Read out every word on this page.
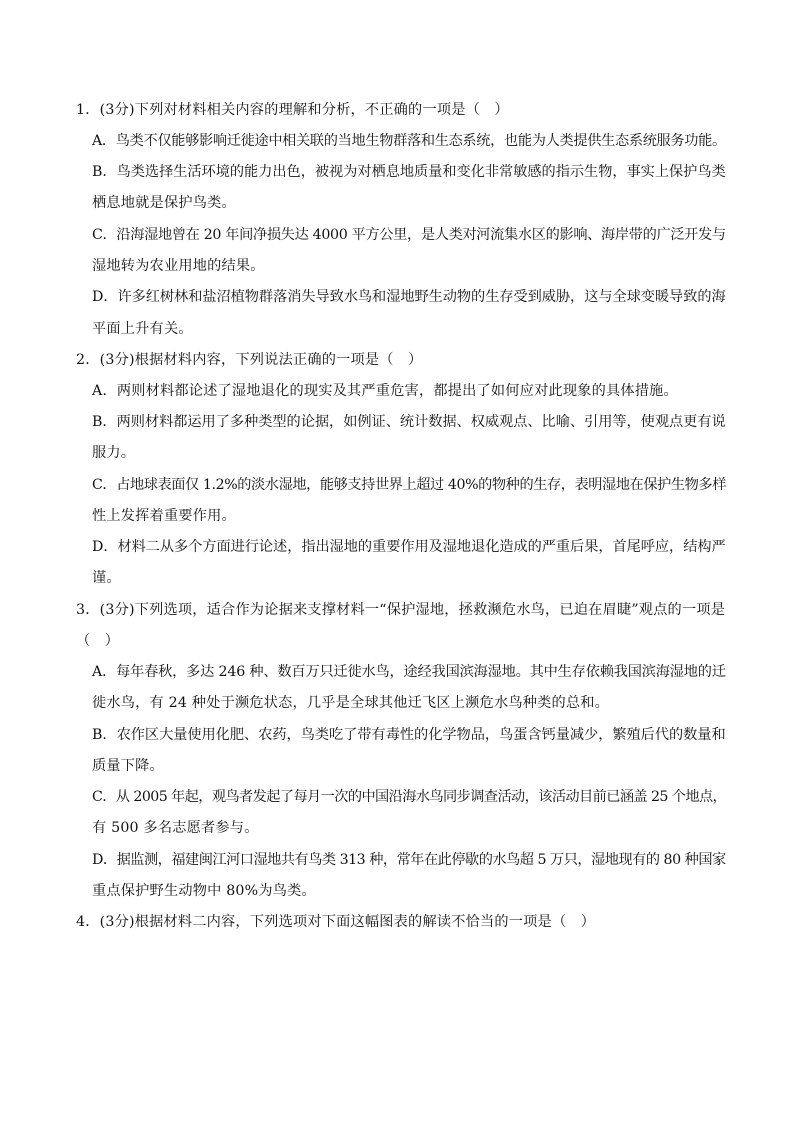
1．(3分)下列对材料相关内容的理解和分析，不正确的一项是（　）
A．鸟类不仅能够影响迁徙途中相关联的当地生物群落和生态系统，也能为人类提供生态系统服务功能。
B．鸟类选择生活环境的能力出色，被视为对栖息地质量和变化非常敏感的指示生物，事实上保护鸟类
栖息地就是保护鸟类。
C．沿海湿地曾在 20 年间净损失达 4000 平方公里，是人类对河流集水区的影响、海岸带的广泛开发与
湿地转为农业用地的结果。
D．许多红树林和盐沼植物群落消失导致水鸟和湿地野生动物的生存受到威胁，这与全球变暖导致的海
平面上升有关。
2．(3分)根据材料内容，下列说法正确的一项是（　）
A．两则材料都论述了湿地退化的现实及其严重危害，都提出了如何应对此现象的具体措施。
B．两则材料都运用了多种类型的论据，如例证、统计数据、权威观点、比喻、引用等，使观点更有说
服力。
C．占地球表面仅 1.2%的淡水湿地，能够支持世界上超过 40%的物种的生存，表明湿地在保护生物多样
性上发挥着重要作用。
D．材料二从多个方面进行论述，指出湿地的重要作用及湿地退化造成的严重后果，首尾呼应，结构严
谨。
3．(3分)下列选项，适合作为论据来支撑材料一“保护湿地，拯救濒危水鸟，已迫在眉睫”观点的一项是
（　）
A．每年春秋，多达 246 种、数百万只迁徙水鸟，途经我国滨海湿地。其中生存依赖我国滨海湿地的迁
徙水鸟，有 24 种处于濒危状态，几乎是全球其他迁飞区上濒危水鸟种类的总和。
B．农作区大量使用化肥、农药，鸟类吃了带有毒性的化学物品，鸟蛋含钙量减少，繁殖后代的数量和
质量下降。
C．从 2005 年起，观鸟者发起了每月一次的中国沿海水鸟同步调查活动，该活动目前已涵盖 25 个地点，
有 500 多名志愿者参与。
D．据监测，福建闽江河口湿地共有鸟类 313 种，常年在此停歇的水鸟超 5 万只，湿地现有的 80 种国家
重点保护野生动物中 80%为鸟类。
4．(3分)根据材料二内容，下列选项对下面这幅图表的解读不恰当的一项是（　）
